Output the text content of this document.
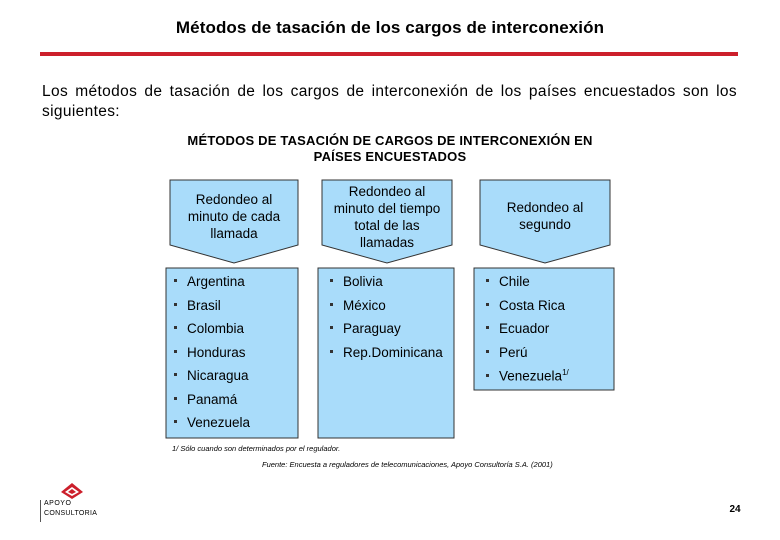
Métodos de tasación de los cargos de interconexión
Los métodos de tasación de los cargos de interconexión de los países encuestados son los siguientes:
MÉTODOS DE TASACIÓN DE CARGOS DE INTERCONEXIÓN EN
PAÍSES ENCUESTADOS
Redondeo al minuto de cada llamada
Redondeo al minuto del tiempo total de las llamadas
Redondeo al segundo
Argentina
Brasil
Colombia
Honduras
Nicaragua
Panamá
Venezuela
Bolivia
México
Paraguay
Rep.Dominicana
Chile
Costa Rica
Ecuador
Perú
Venezuela$^{1/}$
1/ Sólo cuando son determinados por el regulador.
Fuente: Encuesta a reguladores de telecomunicaciones, Apoyo Consultoría S.A. (2001)
APOYO
CONSULTORIA	24
